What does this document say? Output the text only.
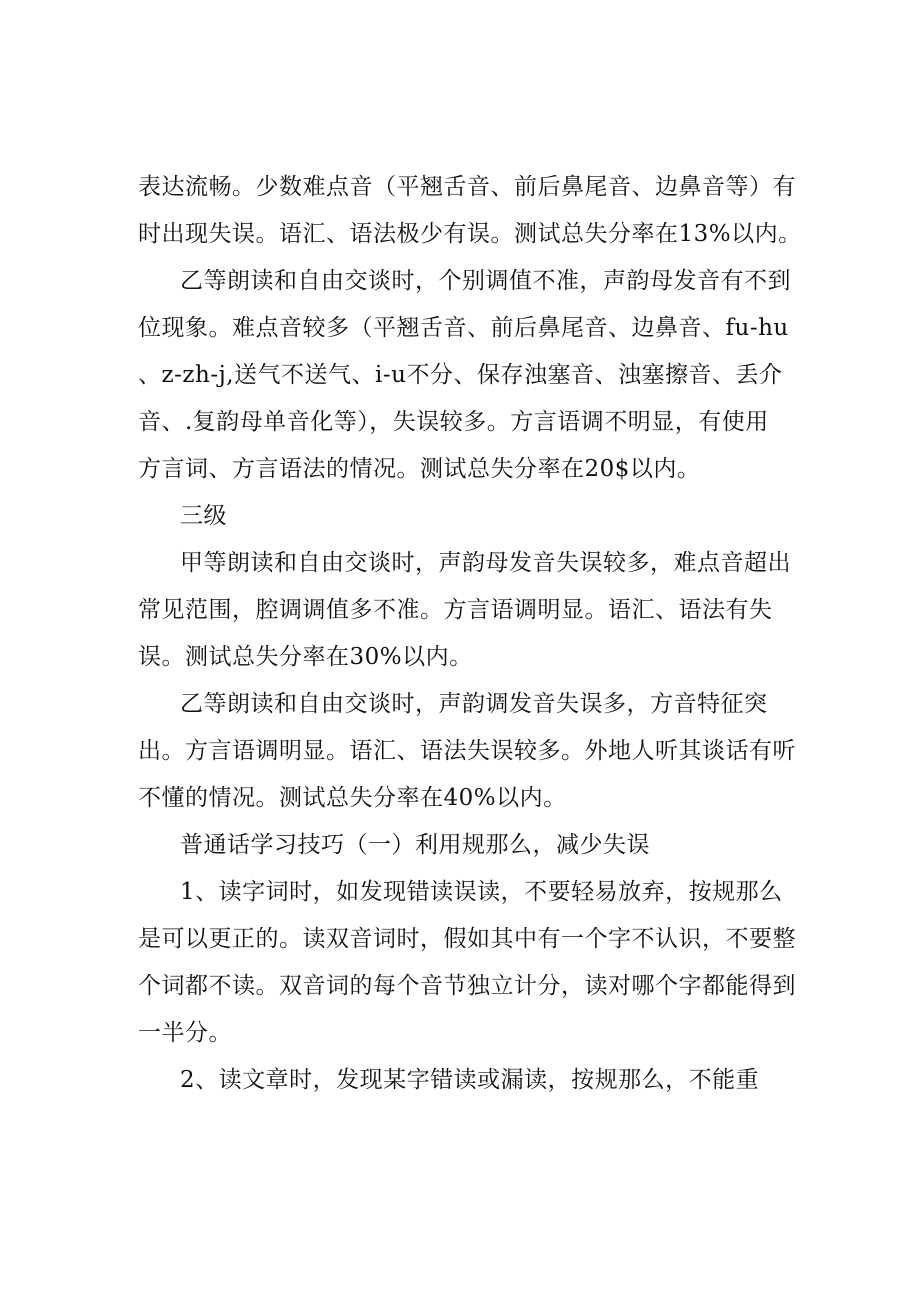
表达流畅。少数难点音（平翘舌音、前后鼻尾音、边鼻音等）有
时出现失误。语汇、语法极少有误。测试总失分率在13%以内。
乙等朗读和自由交谈时，个别调值不准，声韵母发音有不到
位现象。难点音较多（平翘舌音、前后鼻尾音、边鼻音、fu-hu
、z-zh-j,送气不送气、i-u不分、保存浊塞音、浊塞擦音、丢介
音、.复韵母单音化等），失误较多。方言语调不明显，有使用
方言词、方言语法的情况。测试总失分率在20$以内。
三级
甲等朗读和自由交谈时，声韵母发音失误较多，难点音超出
常见范围，腔调调值多不准。方言语调明显。语汇、语法有失
误。测试总失分率在30%以内。
乙等朗读和自由交谈时，声韵调发音失误多，方音特征突
出。方言语调明显。语汇、语法失误较多。外地人听其谈话有听
不懂的情况。测试总失分率在40%以内。
普通话学习技巧（一）利用规那么，减少失误
1、读字词时，如发现错读误读，不要轻易放弃，按规那么
是可以更正的。读双音词时，假如其中有一个字不认识，不要整
个词都不读。双音词的每个音节独立计分，读对哪个字都能得到
一半分。
2、读文章时，发现某字错读或漏读，按规那么，不能重
